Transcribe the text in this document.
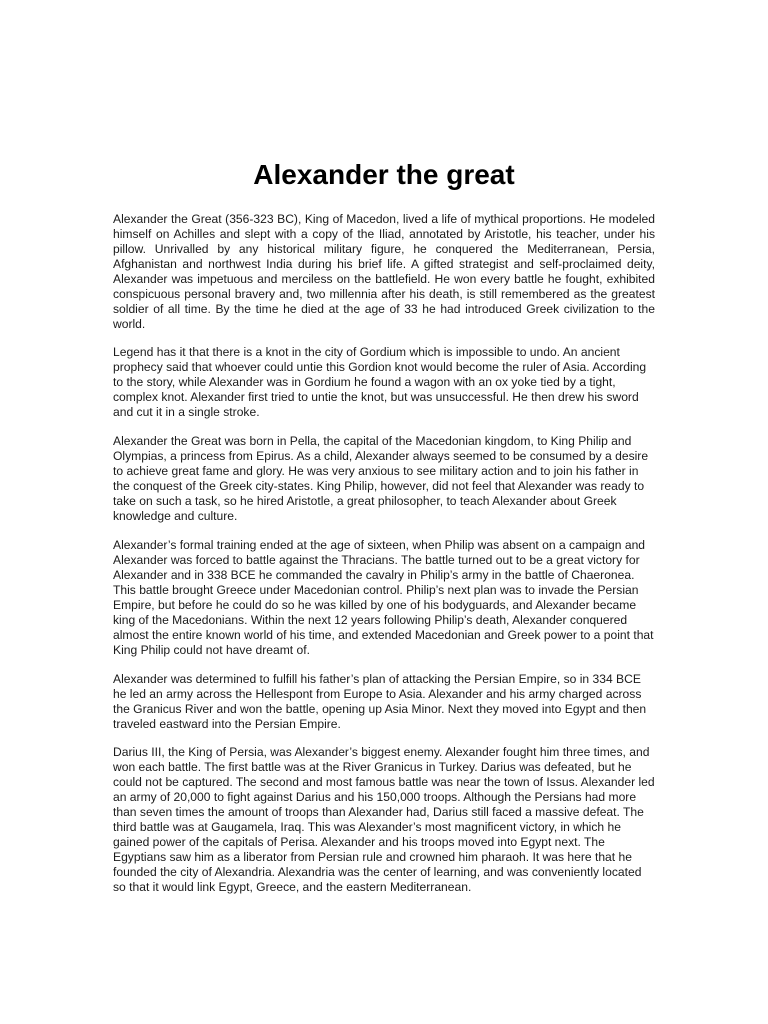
Alexander the great

Alexander the Great (356-323 BC), King of Macedon, lived a life of mythical proportions. He modeled himself on Achilles and slept with a copy of the Iliad, annotated by Aristotle, his teacher, under his pillow. Unrivalled by any historical military figure, he conquered the Mediterranean, Persia, Afghanistan and northwest India during his brief life. A gifted strategist and self-proclaimed deity, Alexander was impetuous and merciless on the battlefield. He won every battle he fought, exhibited conspicuous personal bravery and, two millennia after his death, is still remembered as the greatest soldier of all time. By the time he died at the age of 33 he had introduced Greek civilization to the world.

Legend has it that there is a knot in the city of Gordium which is impossible to undo. An ancient prophecy said that whoever could untie this Gordion knot would become the ruler of Asia. According to the story, while Alexander was in Gordium he found a wagon with an ox yoke tied by a tight, complex knot. Alexander first tried to untie the knot, but was unsuccessful. He then drew his sword and cut it in a single stroke.

Alexander the Great was born in Pella, the capital of the Macedonian kingdom, to King Philip and Olympias, a princess from Epirus. As a child, Alexander always seemed to be consumed by a desire to achieve great fame and glory. He was very anxious to see military action and to join his father in the conquest of the Greek city-states. King Philip, however, did not feel that Alexander was ready to take on such a task, so he hired Aristotle, a great philosopher, to teach Alexander about Greek knowledge and culture.

Alexander’s formal training ended at the age of sixteen, when Philip was absent on a campaign and Alexander was forced to battle against the Thracians. The battle turned out to be a great victory for Alexander and in 338 BCE he commanded the cavalry in Philip’s army in the battle of Chaeronea. This battle brought Greece under Macedonian control. Philip’s next plan was to invade the Persian Empire, but before he could do so he was killed by one of his bodyguards, and Alexander became king of the Macedonians. Within the next 12 years following Philip’s death, Alexander conquered almost the entire known world of his time, and extended Macedonian and Greek power to a point that King Philip could not have dreamt of.

Alexander was determined to fulfill his father’s plan of attacking the Persian Empire, so in 334 BCE he led an army across the Hellespont from Europe to Asia. Alexander and his army charged across the Granicus River and won the battle, opening up Asia Minor. Next they moved into Egypt and then traveled eastward into the Persian Empire.

Darius III, the King of Persia, was Alexander’s biggest enemy. Alexander fought him three times, and won each battle. The first battle was at the River Granicus in Turkey. Darius was defeated, but he could not be captured. The second and most famous battle was near the town of Issus. Alexander led an army of 20,000 to fight against Darius and his 150,000 troops. Although the Persians had more than seven times the amount of troops than Alexander had, Darius still faced a massive defeat. The third battle was at Gaugamela, Iraq. This was Alexander’s most magnificent victory, in which he gained power of the capitals of Perisa. Alexander and his troops moved into Egypt next. The Egyptians saw him as a liberator from Persian rule and crowned him pharaoh. It was here that he founded the city of Alexandria. Alexandria was the center of learning, and was conveniently located so that it would link Egypt, Greece, and the eastern Mediterranean.
